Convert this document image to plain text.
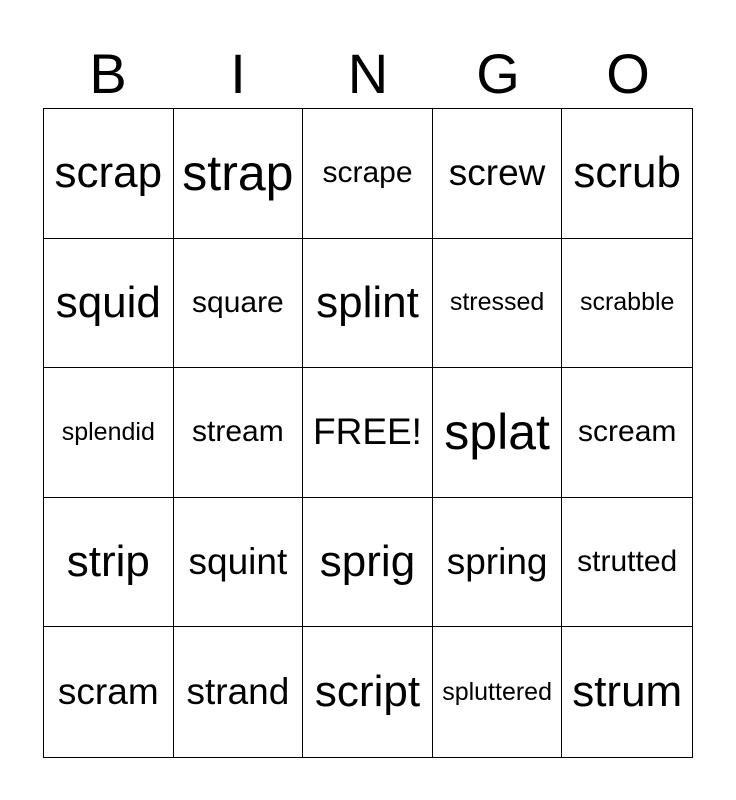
B	I	N	G	O
scrap strap scrape screw scrub
squid	square splint	stressed	scrabble
splendid	stream FREE! splat scream
strip	squint sprig spring strutted
scram strand script spluttered strum
